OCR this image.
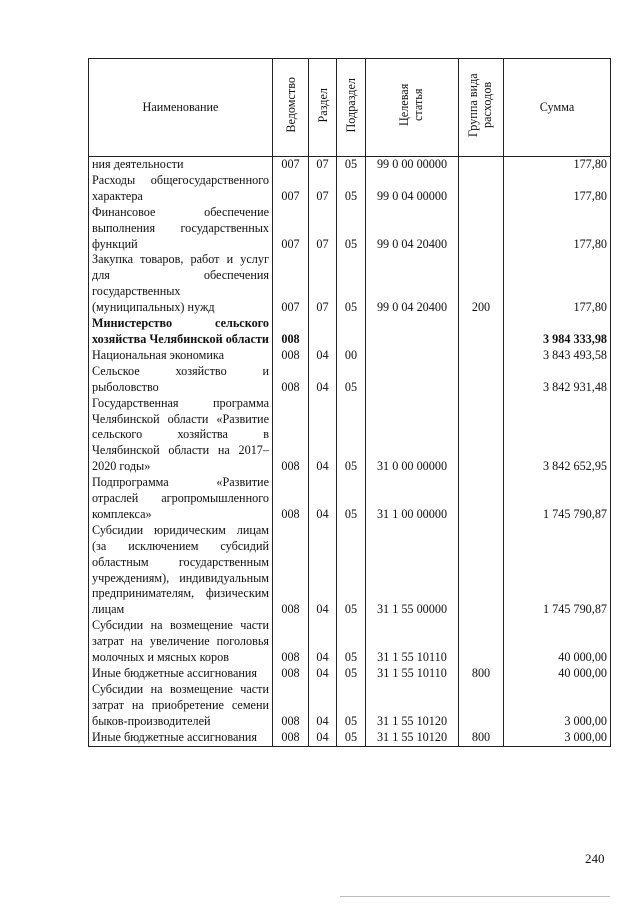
Наименование	Ведомство	Раздел	Подраздел	Целевая статья	Группа вида расходов	Сумма
ния деятельности	007	07	05	99 0 00 00000		177,80
Расходы общегосударственного характера	007	07	05	99 0 04 00000		177,80
Финансовое обеспечение выполнения государственных функций	007	07	05	99 0 04 20400		177,80
Закупка товаров, работ и услуг для обеспечения государственных (муниципальных) нужд	007	07	05	99 0 04 20400	200	177,80
Министерство сельского хозяйства Челябинской области	008					3 984 333,98
Национальная экономика	008	04	00			3 843 493,58
Сельское хозяйство и рыболовство	008	04	05			3 842 931,48
Государственная программа Челябинской области «Развитие сельского хозяйства в Челябинской области на 2017–2020 годы»	008	04	05	31 0 00 00000		3 842 652,95
Подпрограмма «Развитие отраслей агропромышленного комплекса»	008	04	05	31 1 00 00000		1 745 790,87
Субсидии юридическим лицам (за исключением субсидий областным государственным учреждениям), индивидуальным предпринимателям, физическим лицам	008	04	05	31 1 55 00000		1 745 790,87
Субсидии на возмещение части затрат на увеличение поголовья молочных и мясных коров	008	04	05	31 1 55 10110		40 000,00
Иные бюджетные ассигнования	008	04	05	31 1 55 10110	800	40 000,00
Субсидии на возмещение части затрат на приобретение семени быков-производителей	008	04	05	31 1 55 10120		3 000,00
Иные бюджетные ассигнования	008	04	05	31 1 55 10120	800	3 000,00
240
